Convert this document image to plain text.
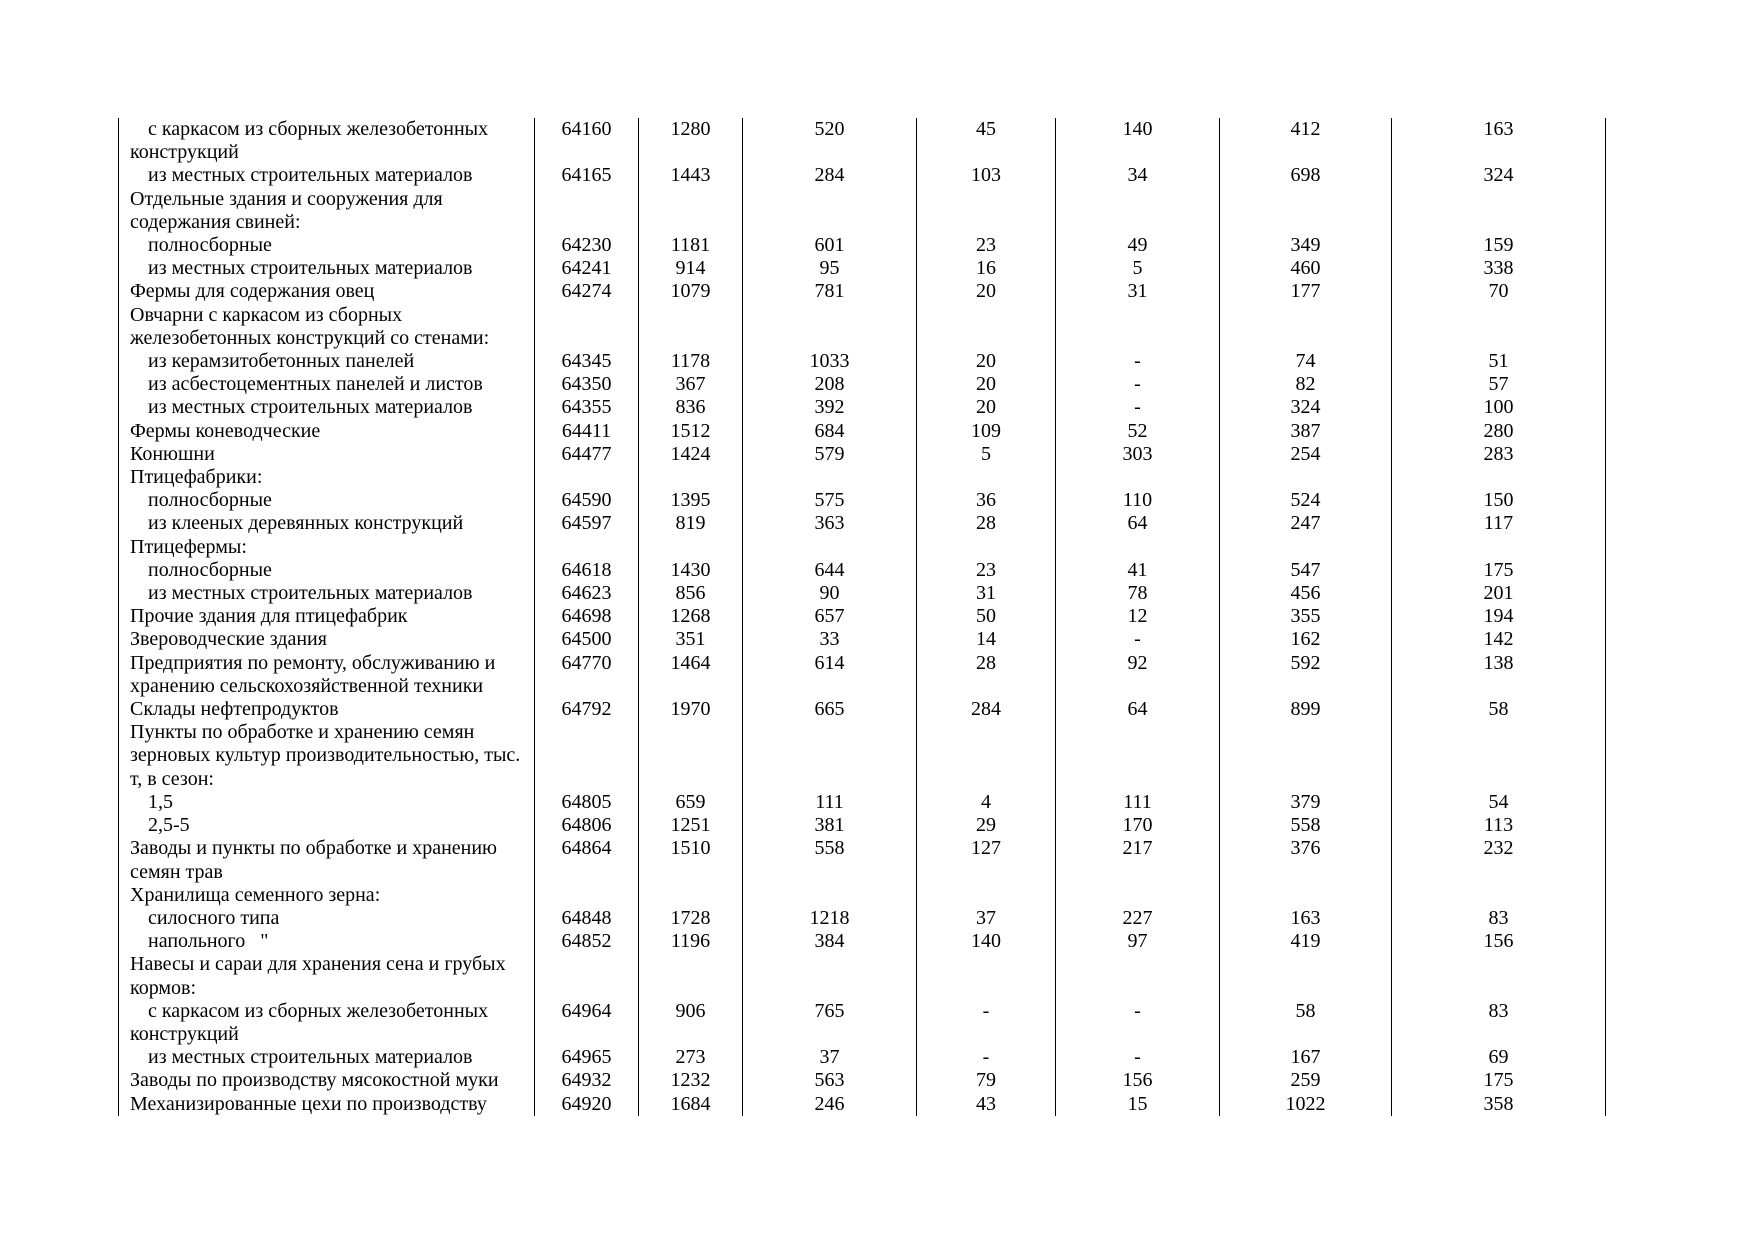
с каркасом из сборных железобетонных конструкций	64160	1280	520	45	140	412	163
из местных строительных материалов	64165	1443	284	103	34	698	324
Отдельные здания и сооружения для содержания свиней:							
полносборные	64230	1181	601	23	49	349	159
из местных строительных материалов	64241	914	95	16	5	460	338
Фермы для содержания овец	64274	1079	781	20	31	177	70
Овчарни с каркасом из сборных железобетонных конструкций со стенами:							
из керамзитобетонных панелей	64345	1178	1033	20	-	74	51
из асбестоцементных панелей и листов	64350	367	208	20	-	82	57
из местных строительных материалов	64355	836	392	20	-	324	100
Фермы коневодческие	64411	1512	684	109	52	387	280
Конюшни	64477	1424	579	5	303	254	283
Птицефабрики:							
полносборные	64590	1395	575	36	110	524	150
из клееных деревянных конструкций	64597	819	363	28	64	247	117
Птицефермы:							
полносборные	64618	1430	644	23	41	547	175
из местных строительных материалов	64623	856	90	31	78	456	201
Прочие здания для птицефабрик	64698	1268	657	50	12	355	194
Звероводческие здания	64500	351	33	14	-	162	142
Предприятия по ремонту, обслуживанию и хранению сельскохозяйственной техники	64770	1464	614	28	92	592	138
Склады нефтепродуктов	64792	1970	665	284	64	899	58
Пункты по обработке и хранению семян зерновых культур производительностью, тыс. т, в сезон:							
1,5	64805	659	111	4	111	379	54
2,5-5	64806	1251	381	29	170	558	113
Заводы и пункты по обработке и хранению семян трав	64864	1510	558	127	217	376	232
Хранилища семенного зерна:							
силосного типа	64848	1728	1218	37	227	163	83
напольного   "	64852	1196	384	140	97	419	156
Навесы и сараи для хранения сена и грубых кормов:							
с каркасом из сборных железобетонных конструкций	64964	906	765	-	-	58	83
из местных строительных материалов	64965	273	37	-	-	167	69
Заводы по производству мясокостной муки	64932	1232	563	79	156	259	175
Механизированные цехи по производству	64920	1684	246	43	15	1022	358
